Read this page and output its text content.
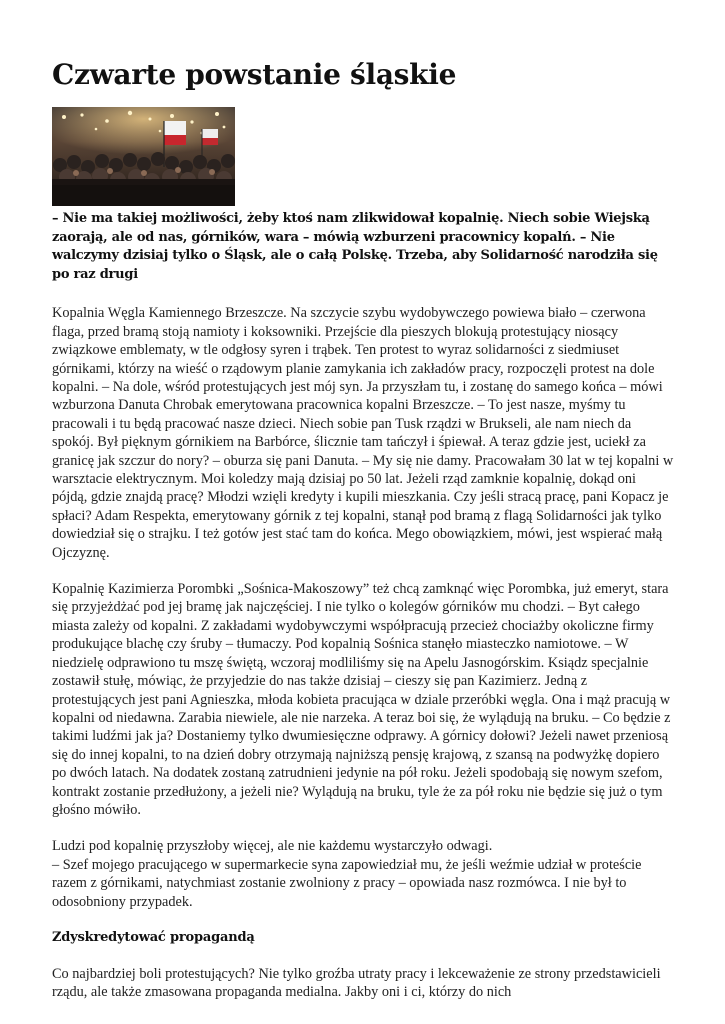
Czwarte powstanie śląskie

– Nie ma takiej możliwości, żeby ktoś nam zlikwidował kopalnię. Niech sobie Wiejską zaorają, ale od nas, górników, wara – mówią wzburzeni pracownicy kopalń. – Nie walczymy dzisiaj tylko o Śląsk, ale o całą Polskę. Trzeba, aby Solidarność narodziła się po raz drugi

Kopalnia Węgla Kamiennego Brzeszcze. Na szczycie szybu wydobywczego powiewa biało – czerwona flaga, przed bramą stoją namioty i koksowniki. Przejście dla pieszych blokują protestujący niosący związkowe emblematy, w tle odgłosy syren i trąbek. Ten protest to wyraz solidarności z siedmiuset górnikami, którzy na wieść o rządowym planie zamykania ich zakładów pracy, rozpoczęli protest na dole kopalni. – Na dole, wśród protestujących jest mój syn. Ja przyszłam tu, i zostanę do samego końca – mówi wzburzona Danuta Chrobak emerytowana pracownica kopalni Brzeszcze. – To jest nasze, myśmy tu pracowali i tu będą pracować nasze dzieci. Niech sobie pan Tusk rządzi w Brukseli, ale nam niech da spokój. Był pięknym górnikiem na Barbórce, ślicznie tam tańczył i śpiewał. A teraz gdzie jest, uciekł za granicę jak szczur do nory? – oburza się pani Danuta. – My się nie damy. Pracowałam 30 lat w tej kopalni w warsztacie elektrycznym. Moi koledzy mają dzisiaj po 50 lat. Jeżeli rząd zamknie kopalnię, dokąd oni pójdą, gdzie znajdą pracę? Młodzi wzięli kredyty i kupili mieszkania. Czy jeśli stracą pracę, pani Kopacz je spłaci? Adam Respekta, emerytowany górnik z tej kopalni, stanął pod bramą z flagą Solidarności jak tylko dowiedział się o strajku. I też gotów jest stać tam do końca. Mego obowiązkiem, mówi, jest wspierać małą Ojczyznę.

Kopalnię Kazimierza Porombki „Sośnica-Makoszowy” też chcą zamknąć więc Porombka, już emeryt, stara się przyjeżdżać pod jej bramę jak najczęściej. I nie tylko o kolegów górników mu chodzi. – Byt całego miasta zależy od kopalni. Z zakładami wydobywczymi współpracują przecież chociażby okoliczne firmy produkujące blachę czy śruby – tłumaczy. Pod kopalnią Sośnica stanęło miasteczko namiotowe. – W niedzielę odprawiono tu mszę świętą, wczoraj modliliśmy się na Apelu Jasnogórskim. Ksiądz specjalnie zostawił stułę, mówiąc, że przyjedzie do nas także dzisiaj – cieszy się pan Kazimierz. Jedną z protestujących jest pani Agnieszka, młoda kobieta pracująca w dziale przeróbki węgla. Ona i mąż pracują w kopalni od niedawna. Zarabia niewiele, ale nie narzeka. A teraz boi się, że wylądują na bruku. – Co będzie z takimi ludźmi jak ja? Dostaniemy tylko dwumiesięczne odprawy. A górnicy dołowi? Jeżeli nawet przeniosą się do innej kopalni, to na dzień dobry otrzymają najniższą pensję krajową, z szansą na podwyżkę dopiero po dwóch latach. Na dodatek zostaną zatrudnieni jedynie na pół roku. Jeżeli spodobają się nowym szefom, kontrakt zostanie przedłużony, a jeżeli nie? Wylądują na bruku, tyle że za pół roku nie będzie się już o tym głośno mówiło.

Ludzi pod kopalnię przyszłoby więcej, ale nie każdemu wystarczyło odwagi.
– Szef mojego pracującego w supermarkecie syna zapowiedział mu, że jeśli weźmie udział w proteście razem z górnikami, natychmiast zostanie zwolniony z pracy – opowiada nasz rozmówca. I nie był to odosobniony przypadek.

Zdyskredytować propagandą

Co najbardziej boli protestujących? Nie tylko groźba utraty pracy i lekceważenie ze strony przedstawicieli rządu, ale także zmasowana propaganda medialna. Jakby oni i ci, którzy do nich
